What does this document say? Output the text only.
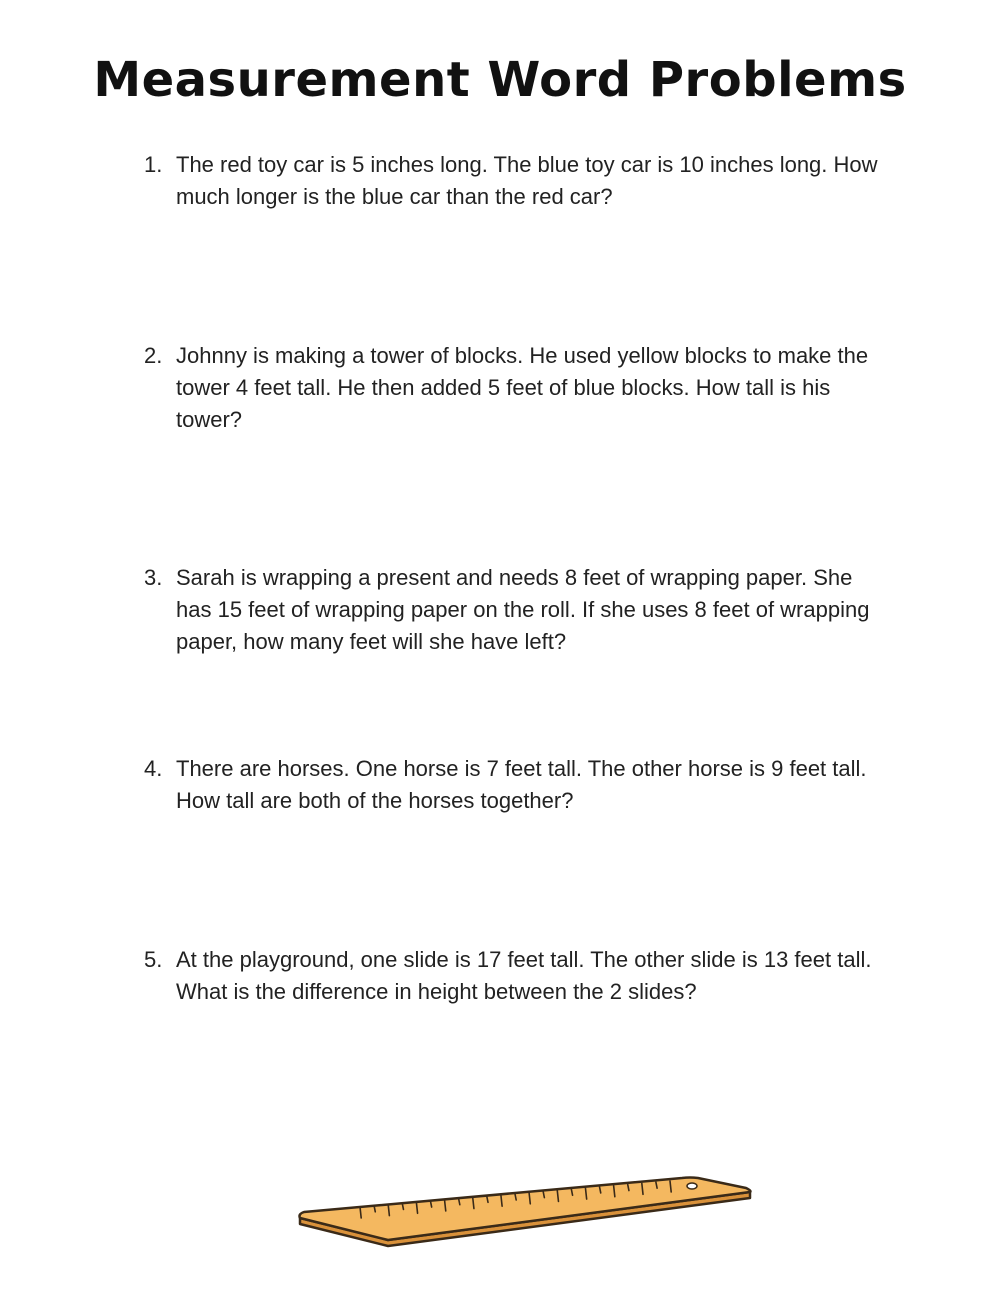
Measurement Word Problems
1. The red toy car is 5 inches long. The blue toy car is 10 inches long. How much longer is the blue car than the red car?
2. Johnny is making a tower of blocks. He used yellow blocks to make the tower 4 feet tall. He then added 5 feet of blue blocks. How tall is his tower?
3. Sarah is wrapping a present and needs 8 feet of wrapping paper. She has 15 feet of wrapping paper on the roll. If she uses 8 feet of wrapping paper, how many feet will she have left?
4. There are horses. One horse is 7 feet tall. The other horse is 9 feet tall. How tall are both of the horses together?
5. At the playground, one slide is 17 feet tall. The other slide is 13 feet tall. What is the difference in height between the 2 slides?
